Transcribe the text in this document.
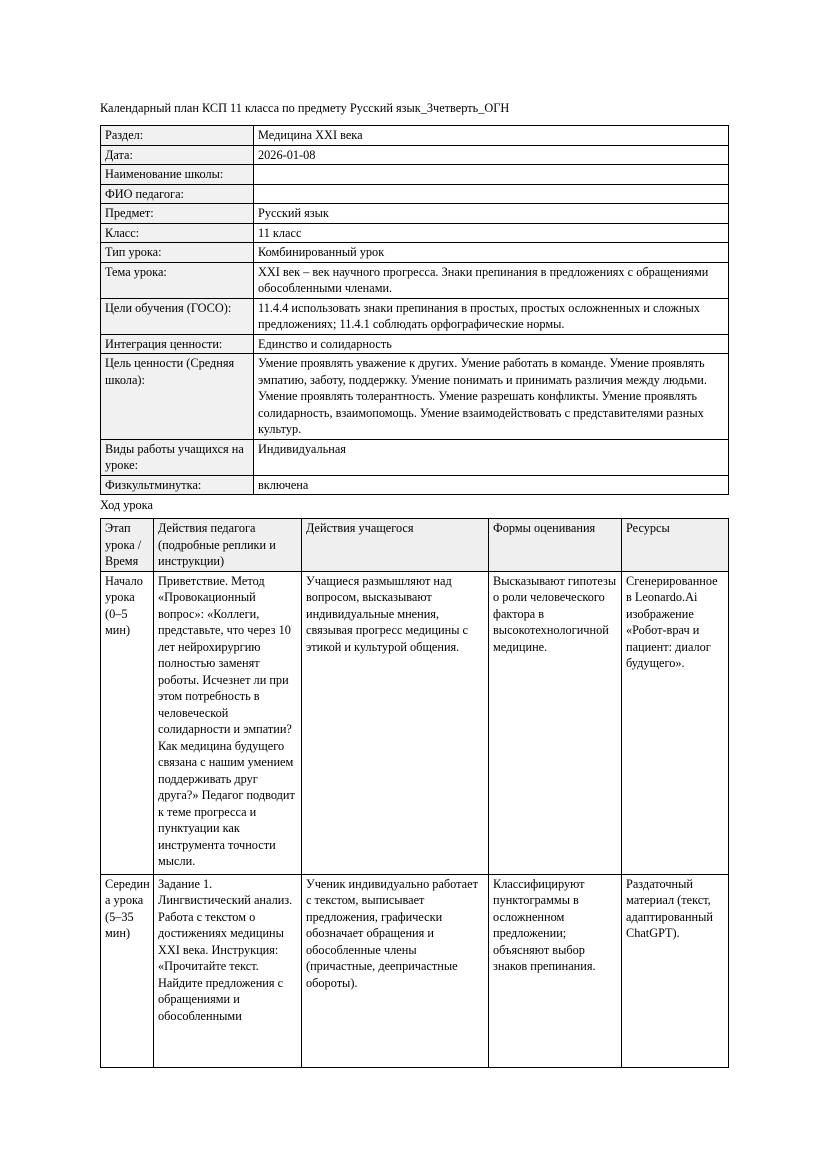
Календарный план КСП 11 класса по предмету Русский язык_3четверть_ОГН

Раздел:	Медицина XXI века
Дата:	2026-01-08
Наименование школы:	
ФИО педагога:	
Предмет:	Русский язык
Класс:	11 класс
Тип урока:	Комбинированный урок
Тема урока:	XXI век – век научного прогресса. Знаки препинания в предложениях с обращениями обособленными членами.
Цели обучения (ГОСО):	11.4.4 использовать знаки препинания в простых, простых осложненных и сложных предложениях; 11.4.1 соблюдать орфографические нормы.
Интеграция ценности:	Единство и солидарность
Цель ценности (Средняя школа):	Умение проявлять уважение к других. Умение работать в команде. Умение проявлять эмпатию, заботу, поддержку. Умение понимать и принимать различия между людьми. Умение проявлять толерантность. Умение разрешать конфликты. Умение проявлять солидарность, взаимопомощь. Умение взаимодействовать с представителями разных культур.
Виды работы учащихся на уроке:	Индивидуальная
Физкультминутка:	включена

Ход урока

Этап урока / Время	Действия педагога (подробные реплики и инструкции)	Действия учащегося	Формы оценивания	Ресурсы
Начало урока (0–5 мин)	Приветствие. Метод «Провокационный вопрос»: «Коллеги, представьте, что через 10 лет нейрохирургию полностью заменят роботы. Исчезнет ли при этом потребность в человеческой солидарности и эмпатии? Как медицина будущего связана с нашим умением поддерживать друг друга?» Педагог подводит к теме прогресса и пунктуации как инструмента точности мысли.	Учащиеся размышляют над вопросом, высказывают индивидуальные мнения, связывая прогресс медицины с этикой и культурой общения.	Высказывают гипотезы о роли человеческого фактора в высокотехнологичной медицине.	Сгенерированное в Leonardo.Ai изображение «Робот-врач и пациент: диалог будущего».
Середина урока (5–35 мин)	Задание 1. Лингвистический анализ. Работа с текстом о достижениях медицины XXI века. Инструкция: «Прочитайте текст. Найдите предложения с обращениями и обособленными	Ученик индивидуально работает с текстом, выписывает предложения, графически обозначает обращения и обособленные члены (причастные, деепричастные обороты).	Классифицируют пунктограммы в осложненном предложении; объясняют выбор знаков препинания.	Раздаточный материал (текст, адаптированный ChatGPT).
